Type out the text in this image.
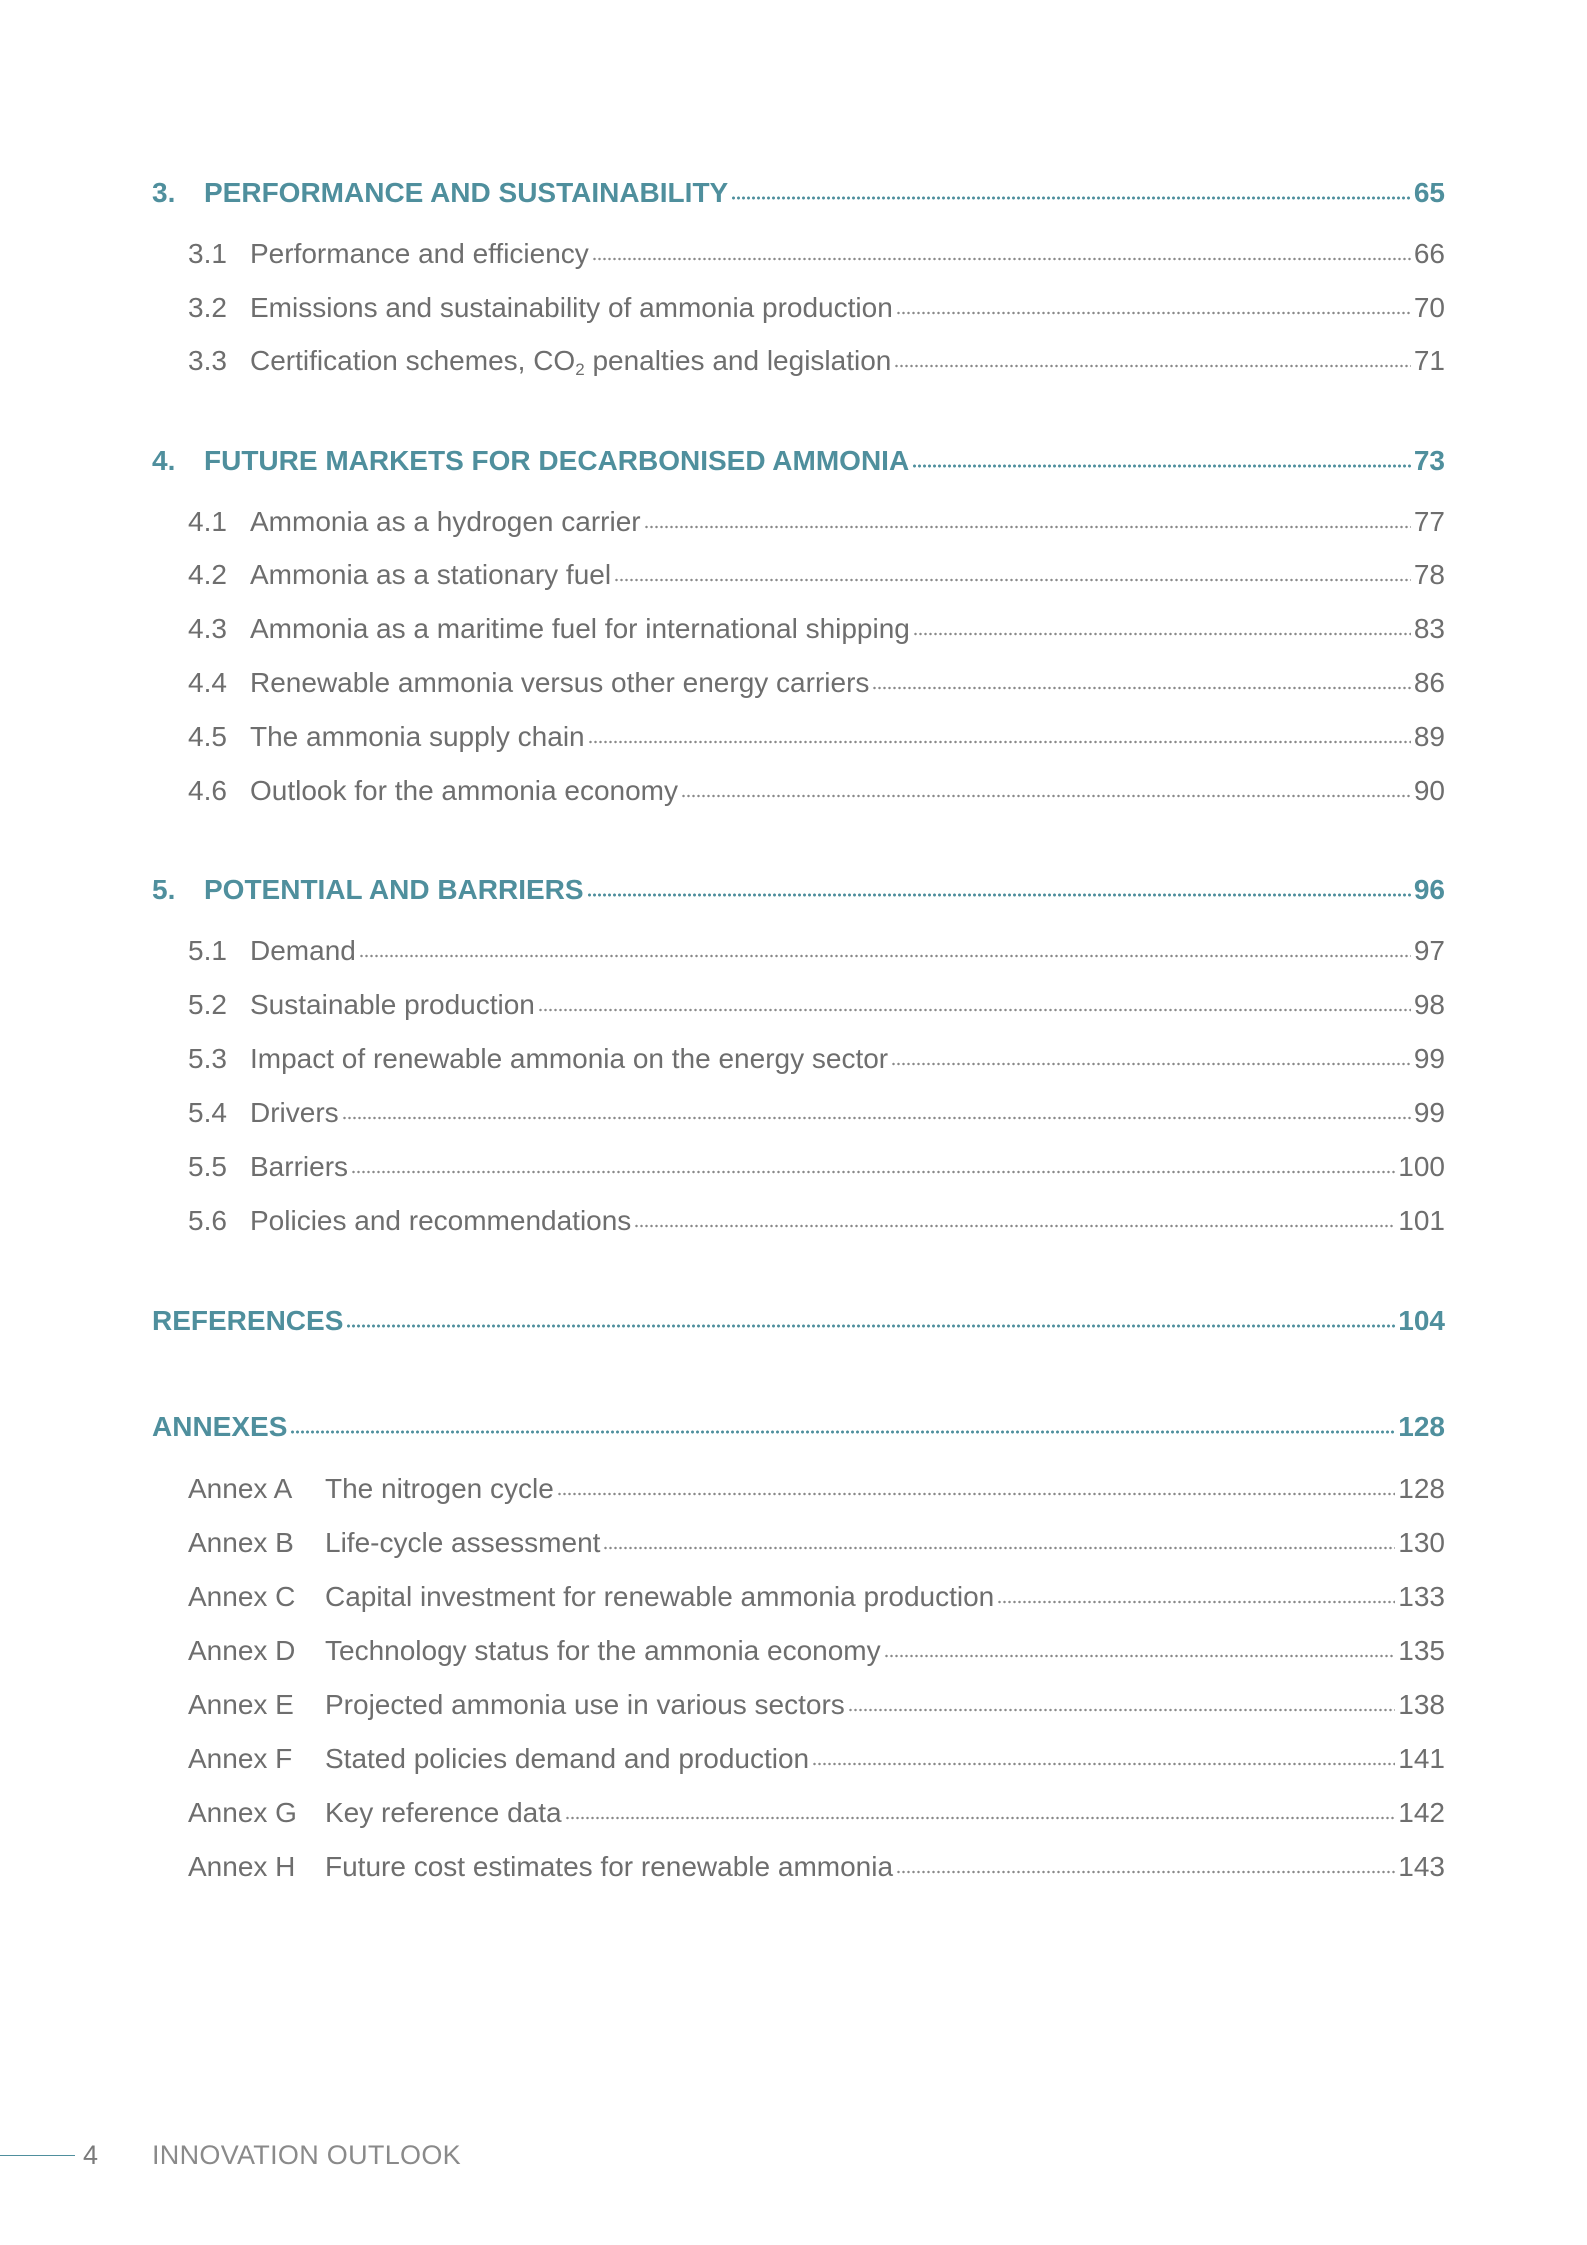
3.	PERFORMANCE AND SUSTAINABILITY	65
3.1 Performance and efficiency	66
3.2 Emissions and sustainability of ammonia production	70
3.3 Certification schemes, $CO_2$ penalties and legislation	71
4.	FUTURE MARKETS FOR DECARBONISED AMMONIA	73
4.1 Ammonia as a hydrogen carrier	77
4.2 Ammonia as a stationary fuel	78
4.3 Ammonia as a maritime fuel for international shipping	83
4.4 Renewable ammonia versus other energy carriers	86
4.5 The ammonia supply chain	89
4.6 Outlook for the ammonia economy	90
5.	POTENTIAL AND BARRIERS	96
5.1 Demand	97
5.2 Sustainable production	98
5.3 Impact of renewable ammonia on the energy sector	99
5.4 Drivers	99
5.5 Barriers	100
5.6 Policies and recommendations	101
REFERENCES	104
ANNEXES	128
Annex A	The nitrogen cycle	128
Annex B	Life-cycle assessment	130
Annex C	Capital investment for renewable ammonia production	133
Annex D	Technology status for the ammonia economy	135
Annex E	Projected ammonia use in various sectors	138
Annex F	Stated policies demand and production	141
Annex G	Key reference data	142
Annex H	Future cost estimates for renewable ammonia	143
4 INNOVATION OUTLOOK
